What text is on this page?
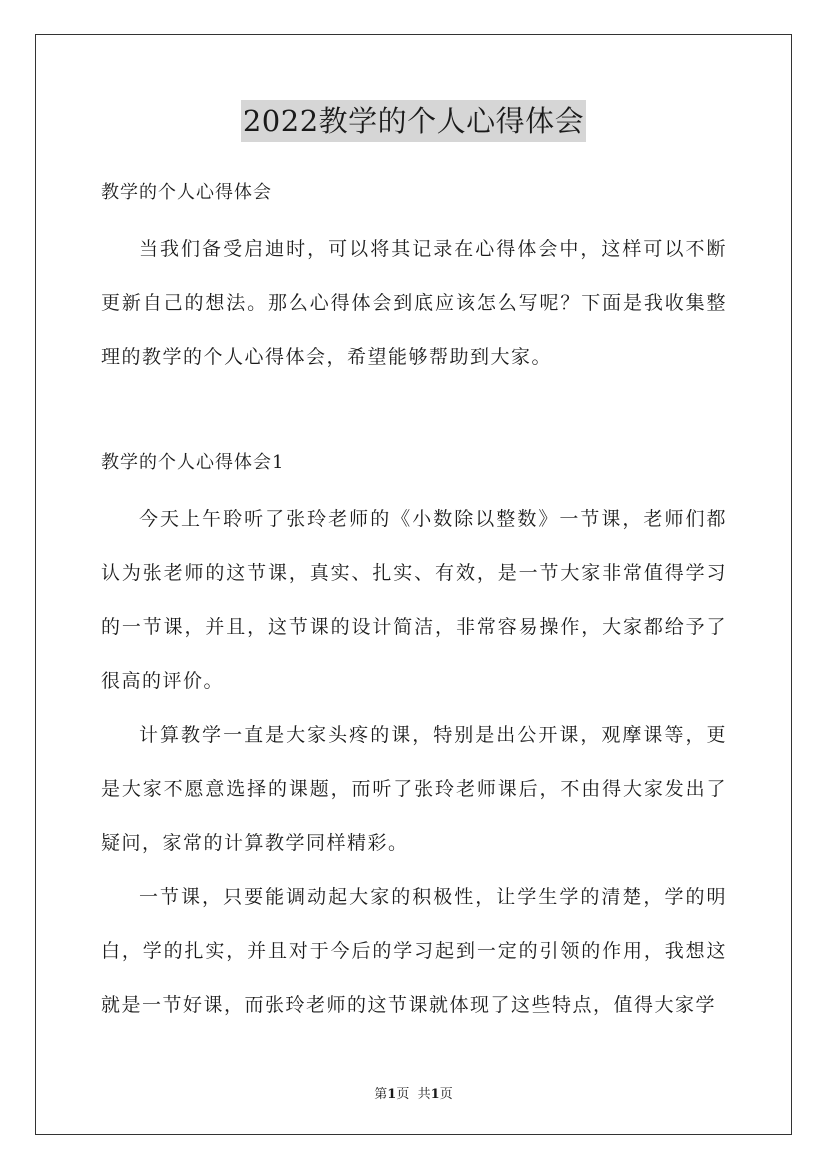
2022教学的个人心得体会
教学的个人心得体会

当我们备受启迪时，可以将其记录在心得体会中，这样可以不断更新自己的想法。那么心得体会到底应该怎么写呢？下面是我收集整理的教学的个人心得体会，希望能够帮助到大家。

教学的个人心得体会1

今天上午聆听了张玲老师的《小数除以整数》一节课，老师们都认为张老师的这节课，真实、扎实、有效，是一节大家非常值得学习的一节课，并且，这节课的设计简洁，非常容易操作，大家都给予了很高的评价。

计算教学一直是大家头疼的课，特别是出公开课，观摩课等，更是大家不愿意选择的课题，而听了张玲老师课后，不由得大家发出了疑问，家常的计算教学同样精彩。

一节课，只要能调动起大家的积极性，让学生学的清楚，学的明白，学的扎实，并且对于今后的学习起到一定的引领的作用，我想这就是一节好课，而张玲老师的这节课就体现了这些特点，值得大家学

第1页 共1页
